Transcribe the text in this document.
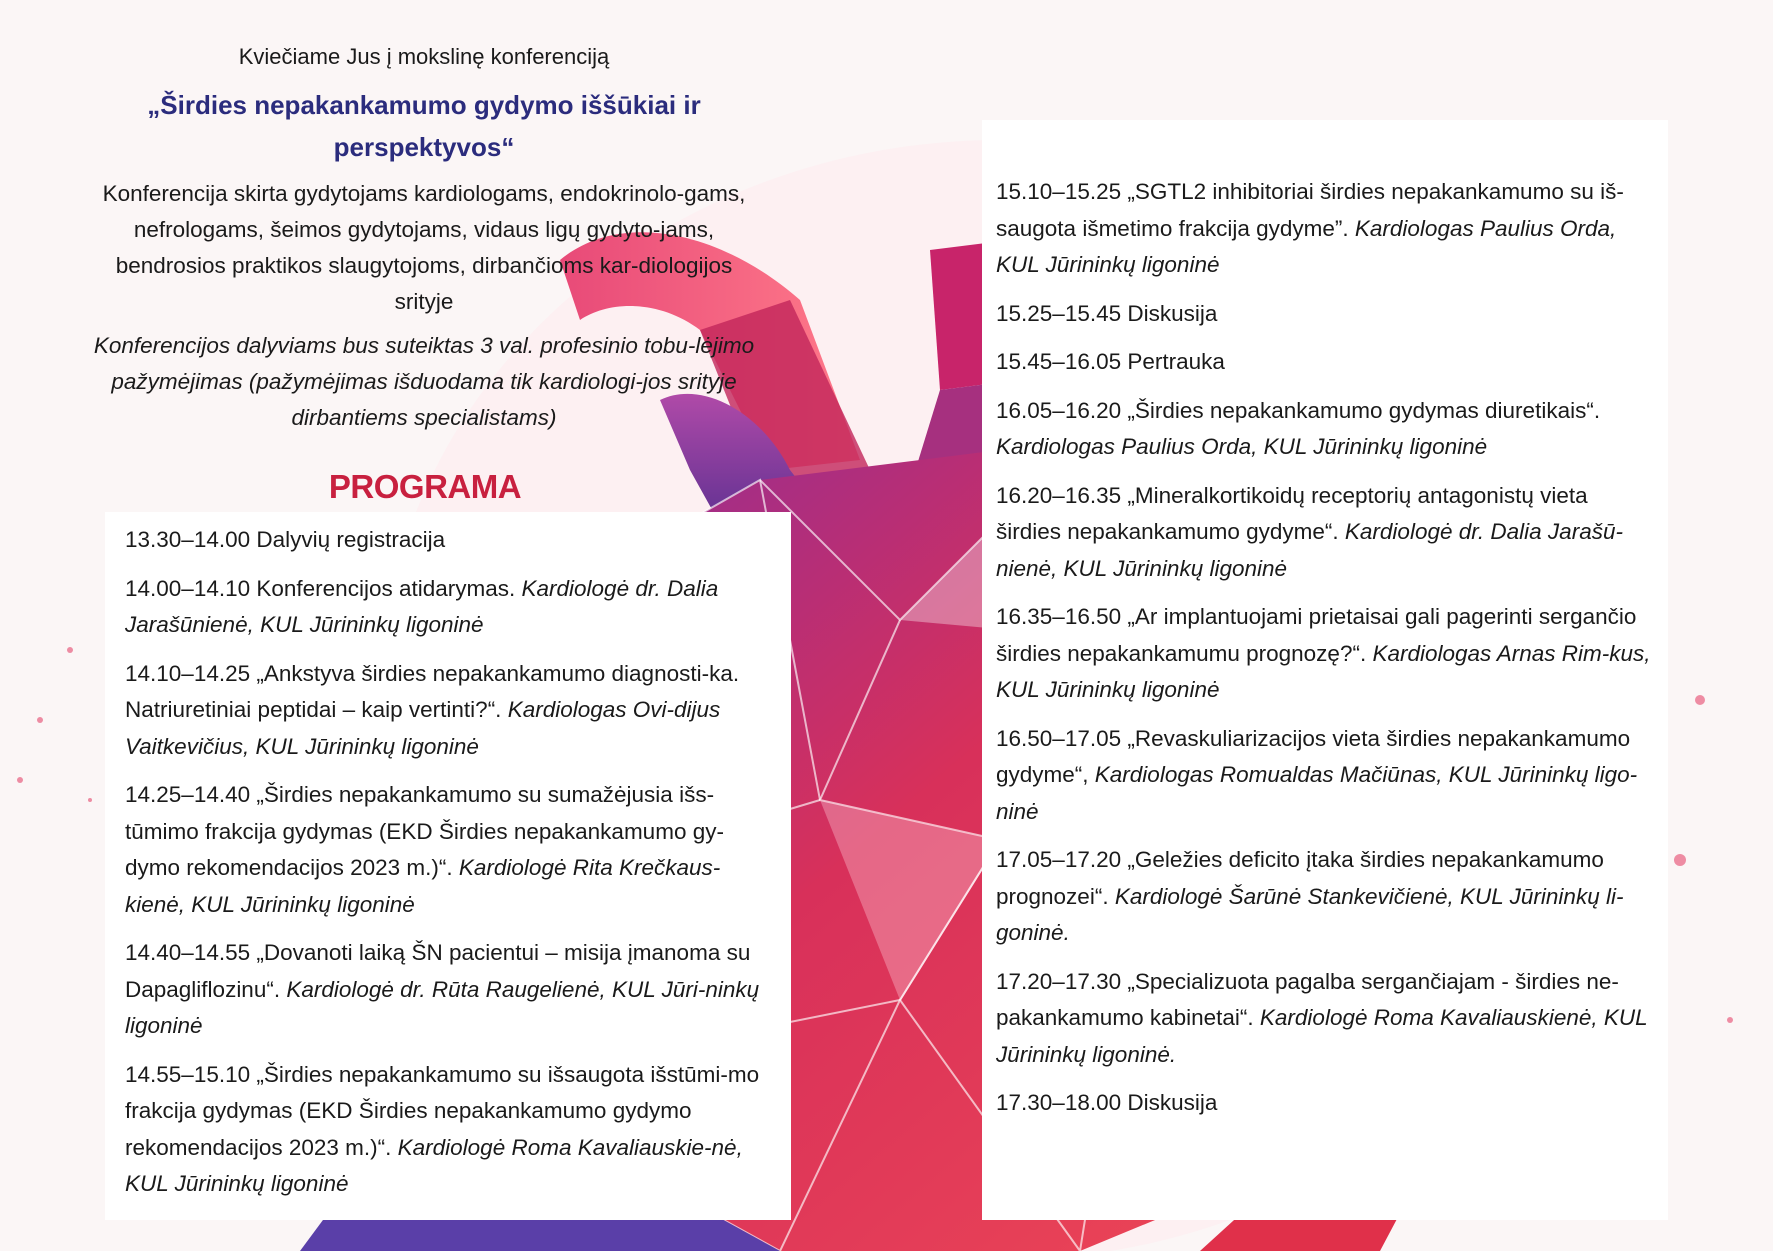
Kviečiame Jus į mokslinę konferenciją

„Širdies nepakankamumo gydymo iššūkiai ir
perspektyvos“

Konferencija skirta gydytojams kardiologams, endokrinolo-gams, nefrologams, šeimos gydytojams, vidaus ligų gydyto-jams, bendrosios praktikos slaugytojoms, dirbančioms kar-diologijos srityje

Konferencijos dalyviams bus suteiktas 3 val. profesinio tobu-lėjimo pažymėjimas (pažymėjimas išduodama tik kardiologi-jos srityje dirbantiems specialistams)

PROGRAMA

13.30–14.00 Dalyvių registracija

14.00–14.10 Konferencijos atidarymas. Kardiologė dr. Dalia Jarašūnienė, KUL Jūrininkų ligoninė

14.10–14.25 „Ankstyva širdies nepakankamumo diagnosti-ka. Natriuretiniai peptidai – kaip vertinti?“. Kardiologas Ovi-dijus Vaitkevičius, KUL Jūrininkų ligoninė

14.25–14.40 „Širdies nepakankamumo su sumažėjusia išs-tūmimo frakcija gydymas (EKD Širdies nepakankamumo gy-dymo rekomendacijos 2023 m.)“. Kardiologė Rita Krečkaus-kienė, KUL Jūrininkų ligoninė

14.40–14.55 „Dovanoti laiką ŠN pacientui – misija įmanoma su Dapagliflozinu“. Kardiologė dr. Rūta Raugelienė, KUL Jūri-ninkų ligoninė

14.55–15.10 „Širdies nepakankamumo su išsaugota išstūmi-mo frakcija gydymas (EKD Širdies nepakankamumo gydymo rekomendacijos 2023 m.)“. Kardiologė Roma Kavaliauskie-nė, KUL Jūrininkų ligoninė

15.10–15.25 „SGTL2 inhibitoriai širdies nepakankamumo su iš-saugota išmetimo frakcija gydyme”. Kardiologas Paulius Orda, KUL Jūrininkų ligoninė

15.25–15.45 Diskusija

15.45–16.05 Pertrauka

16.05–16.20 „Širdies nepakankamumo gydymas diuretikais“. Kardiologas Paulius Orda, KUL Jūrininkų ligoninė

16.20–16.35 „Mineralkortikoidų receptorių antagonistų vieta širdies nepakankamumo gydyme“. Kardiologė dr. Dalia Jarašū-nienė, KUL Jūrininkų ligoninė

16.35–16.50 „Ar implantuojami prietaisai gali pagerinti sergančio širdies nepakankamumu prognozę?“. Kardiologas Arnas Rim-kus, KUL Jūrininkų ligoninė

16.50–17.05 „Revaskuliarizacijos vieta širdies nepakankamumo gydyme“, Kardiologas Romualdas Mačiūnas, KUL Jūrininkų ligo-ninė

17.05–17.20 „Geležies deficito įtaka širdies nepakankamumo prognozei“. Kardiologė Šarūnė Stankevičienė, KUL Jūrininkų li-goninė.

17.20–17.30 „Specializuota pagalba sergančiajam - širdies ne-pakankamumo kabinetai“. Kardiologė Roma Kavaliauskienė, KUL Jūrininkų ligoninė.

17.30–18.00 Diskusija
